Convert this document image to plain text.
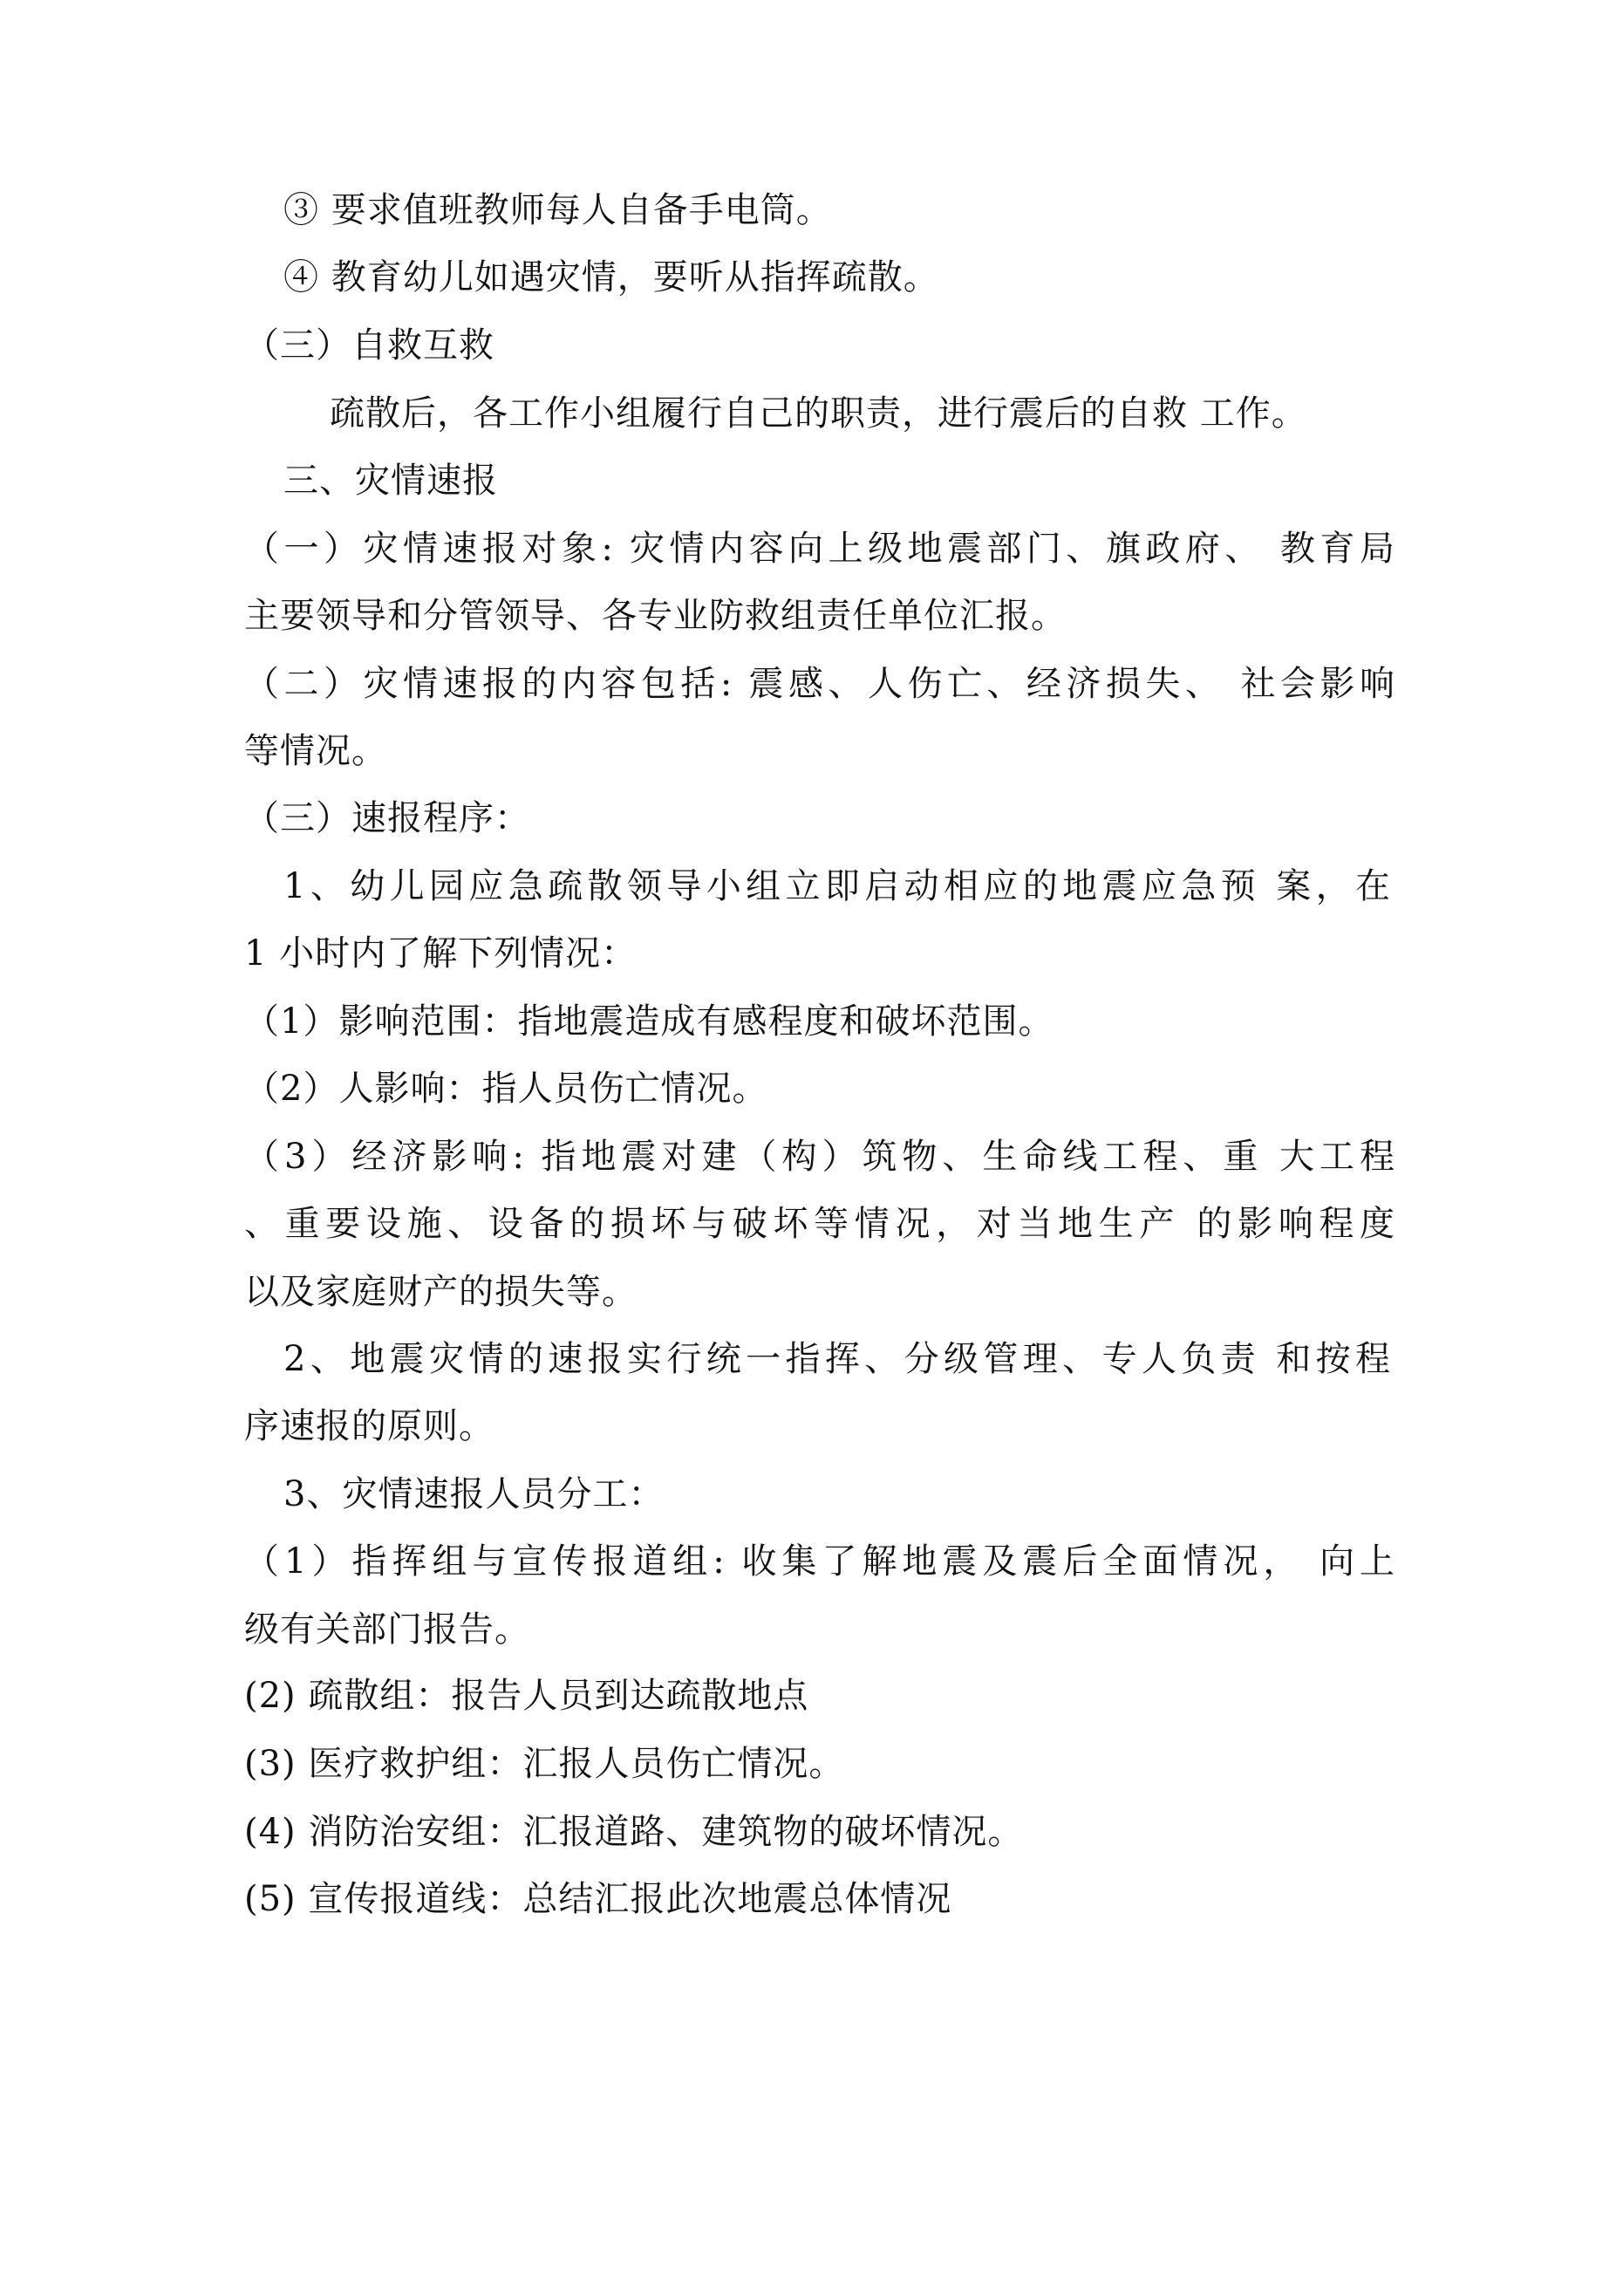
③ 要求值班教师每人自备手电筒。
④ 教育幼儿如遇灾情，要听从指挥疏散。
（三）自救互救
疏散后，各工作小组履行自己的职责，进行震后的自救 工作。
三、灾情速报
（一）灾情速报对象: 灾情内容向上级地震部门、旗政府、 教育局
主要领导和分管领导、各专业防救组责任单位汇报。
（二）灾情速报的内容包括: 震感、人伤亡、经济损失、 社会影响
等情况。
（三）速报程序：
1、幼儿园应急疏散领导小组立即启动相应的地震应急预 案，在
1 小时内了解下列情况：
（1）影响范围：指地震造成有感程度和破坏范围。
（2）人影响：指人员伤亡情况。
（3）经济影响: 指地震对建（构）筑物、生命线工程、重 大工程
、重要设施、设备的损坏与破坏等情况，对当地生产 的影响程度
以及家庭财产的损失等。
2、地震灾情的速报实行统一指挥、分级管理、专人负责 和按程
序速报的原则。
3、灾情速报人员分工：
（1）指挥组与宣传报道组: 收集了解地震及震后全面情况， 向上
级有关部门报告。
(2) 疏散组：报告人员到达疏散地点
(3) 医疗救护组：汇报人员伤亡情况。
(4) 消防治安组：汇报道路、建筑物的破坏情况。
(5) 宣传报道线：总结汇报此次地震总体情况
